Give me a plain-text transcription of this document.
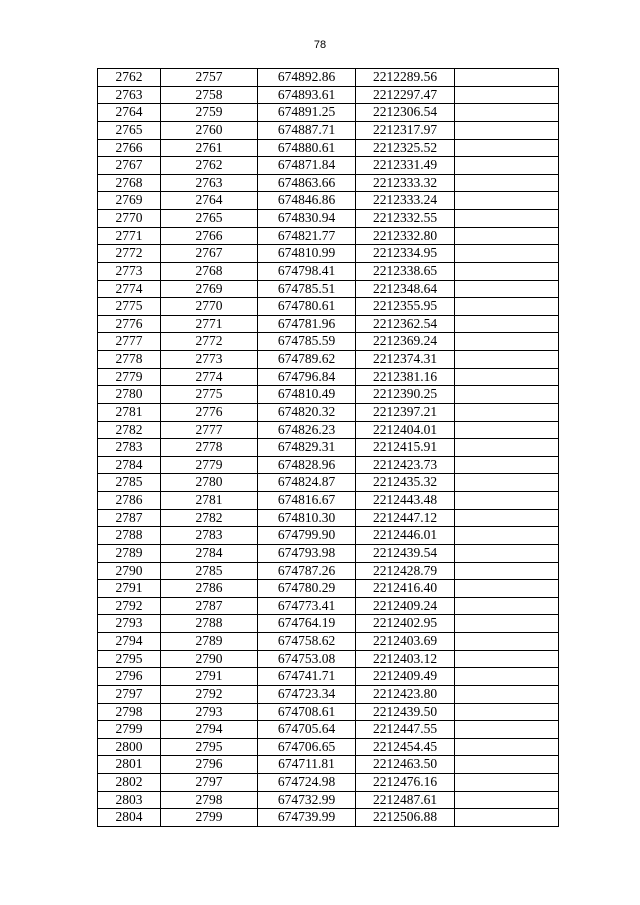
78
2762	2757	674892.86	2212289.56	
2763	2758	674893.61	2212297.47	
2764	2759	674891.25	2212306.54	
2765	2760	674887.71	2212317.97	
2766	2761	674880.61	2212325.52	
2767	2762	674871.84	2212331.49	
2768	2763	674863.66	2212333.32	
2769	2764	674846.86	2212333.24	
2770	2765	674830.94	2212332.55	
2771	2766	674821.77	2212332.80	
2772	2767	674810.99	2212334.95	
2773	2768	674798.41	2212338.65	
2774	2769	674785.51	2212348.64	
2775	2770	674780.61	2212355.95	
2776	2771	674781.96	2212362.54	
2777	2772	674785.59	2212369.24	
2778	2773	674789.62	2212374.31	
2779	2774	674796.84	2212381.16	
2780	2775	674810.49	2212390.25	
2781	2776	674820.32	2212397.21	
2782	2777	674826.23	2212404.01	
2783	2778	674829.31	2212415.91	
2784	2779	674828.96	2212423.73	
2785	2780	674824.87	2212435.32	
2786	2781	674816.67	2212443.48	
2787	2782	674810.30	2212447.12	
2788	2783	674799.90	2212446.01	
2789	2784	674793.98	2212439.54	
2790	2785	674787.26	2212428.79	
2791	2786	674780.29	2212416.40	
2792	2787	674773.41	2212409.24	
2793	2788	674764.19	2212402.95	
2794	2789	674758.62	2212403.69	
2795	2790	674753.08	2212403.12	
2796	2791	674741.71	2212409.49	
2797	2792	674723.34	2212423.80	
2798	2793	674708.61	2212439.50	
2799	2794	674705.64	2212447.55	
2800	2795	674706.65	2212454.45	
2801	2796	674711.81	2212463.50	
2802	2797	674724.98	2212476.16	
2803	2798	674732.99	2212487.61	
2804	2799	674739.99	2212506.88	
